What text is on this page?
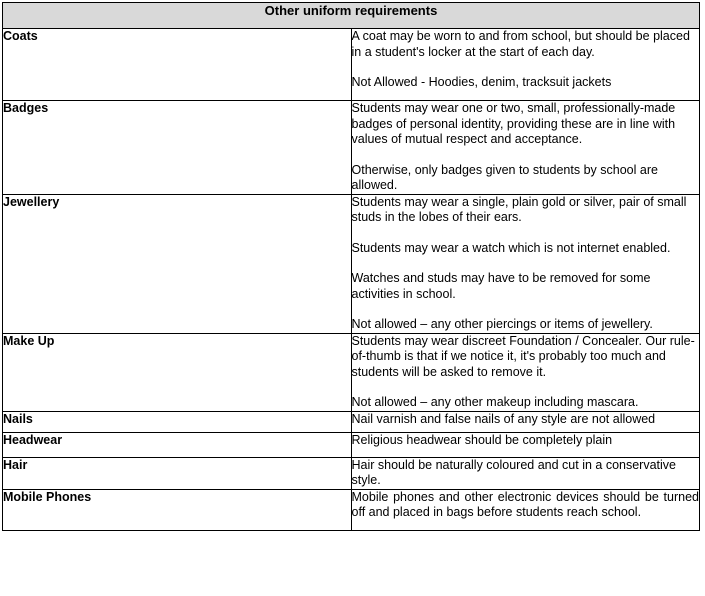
Other uniform requirements	
Coats	A coat may be worn to and from school, but should be placed in a student's locker at the start of each day.

Not Allowed - Hoodies, denim, tracksuit jackets

Badges	Students may wear one or two, small, professionally-made badges of personal identity, providing these are in line with values of mutual respect and acceptance.

Otherwise, only badges given to students by school are allowed.

Jewellery	Students may wear a single, plain gold or silver, pair of small studs in the lobes of their ears.

Students may wear a watch which is not internet enabled.

Watches and studs may have to be removed for some activities in school.

Not allowed – any other piercings or items of jewellery.

Make Up	Students may wear discreet Foundation / Concealer. Our rule-of-thumb is that if we notice it, it's probably too much and students will be asked to remove it.

Not allowed – any other makeup including mascara.

Nails	Nail varnish and false nails of any style are not allowed

Headwear	Religious headwear should be completely plain

Hair	Hair should be naturally coloured and cut in a conservative style.

Mobile Phones	Mobile phones and other electronic devices should be turned off and placed in bags before students reach school.
